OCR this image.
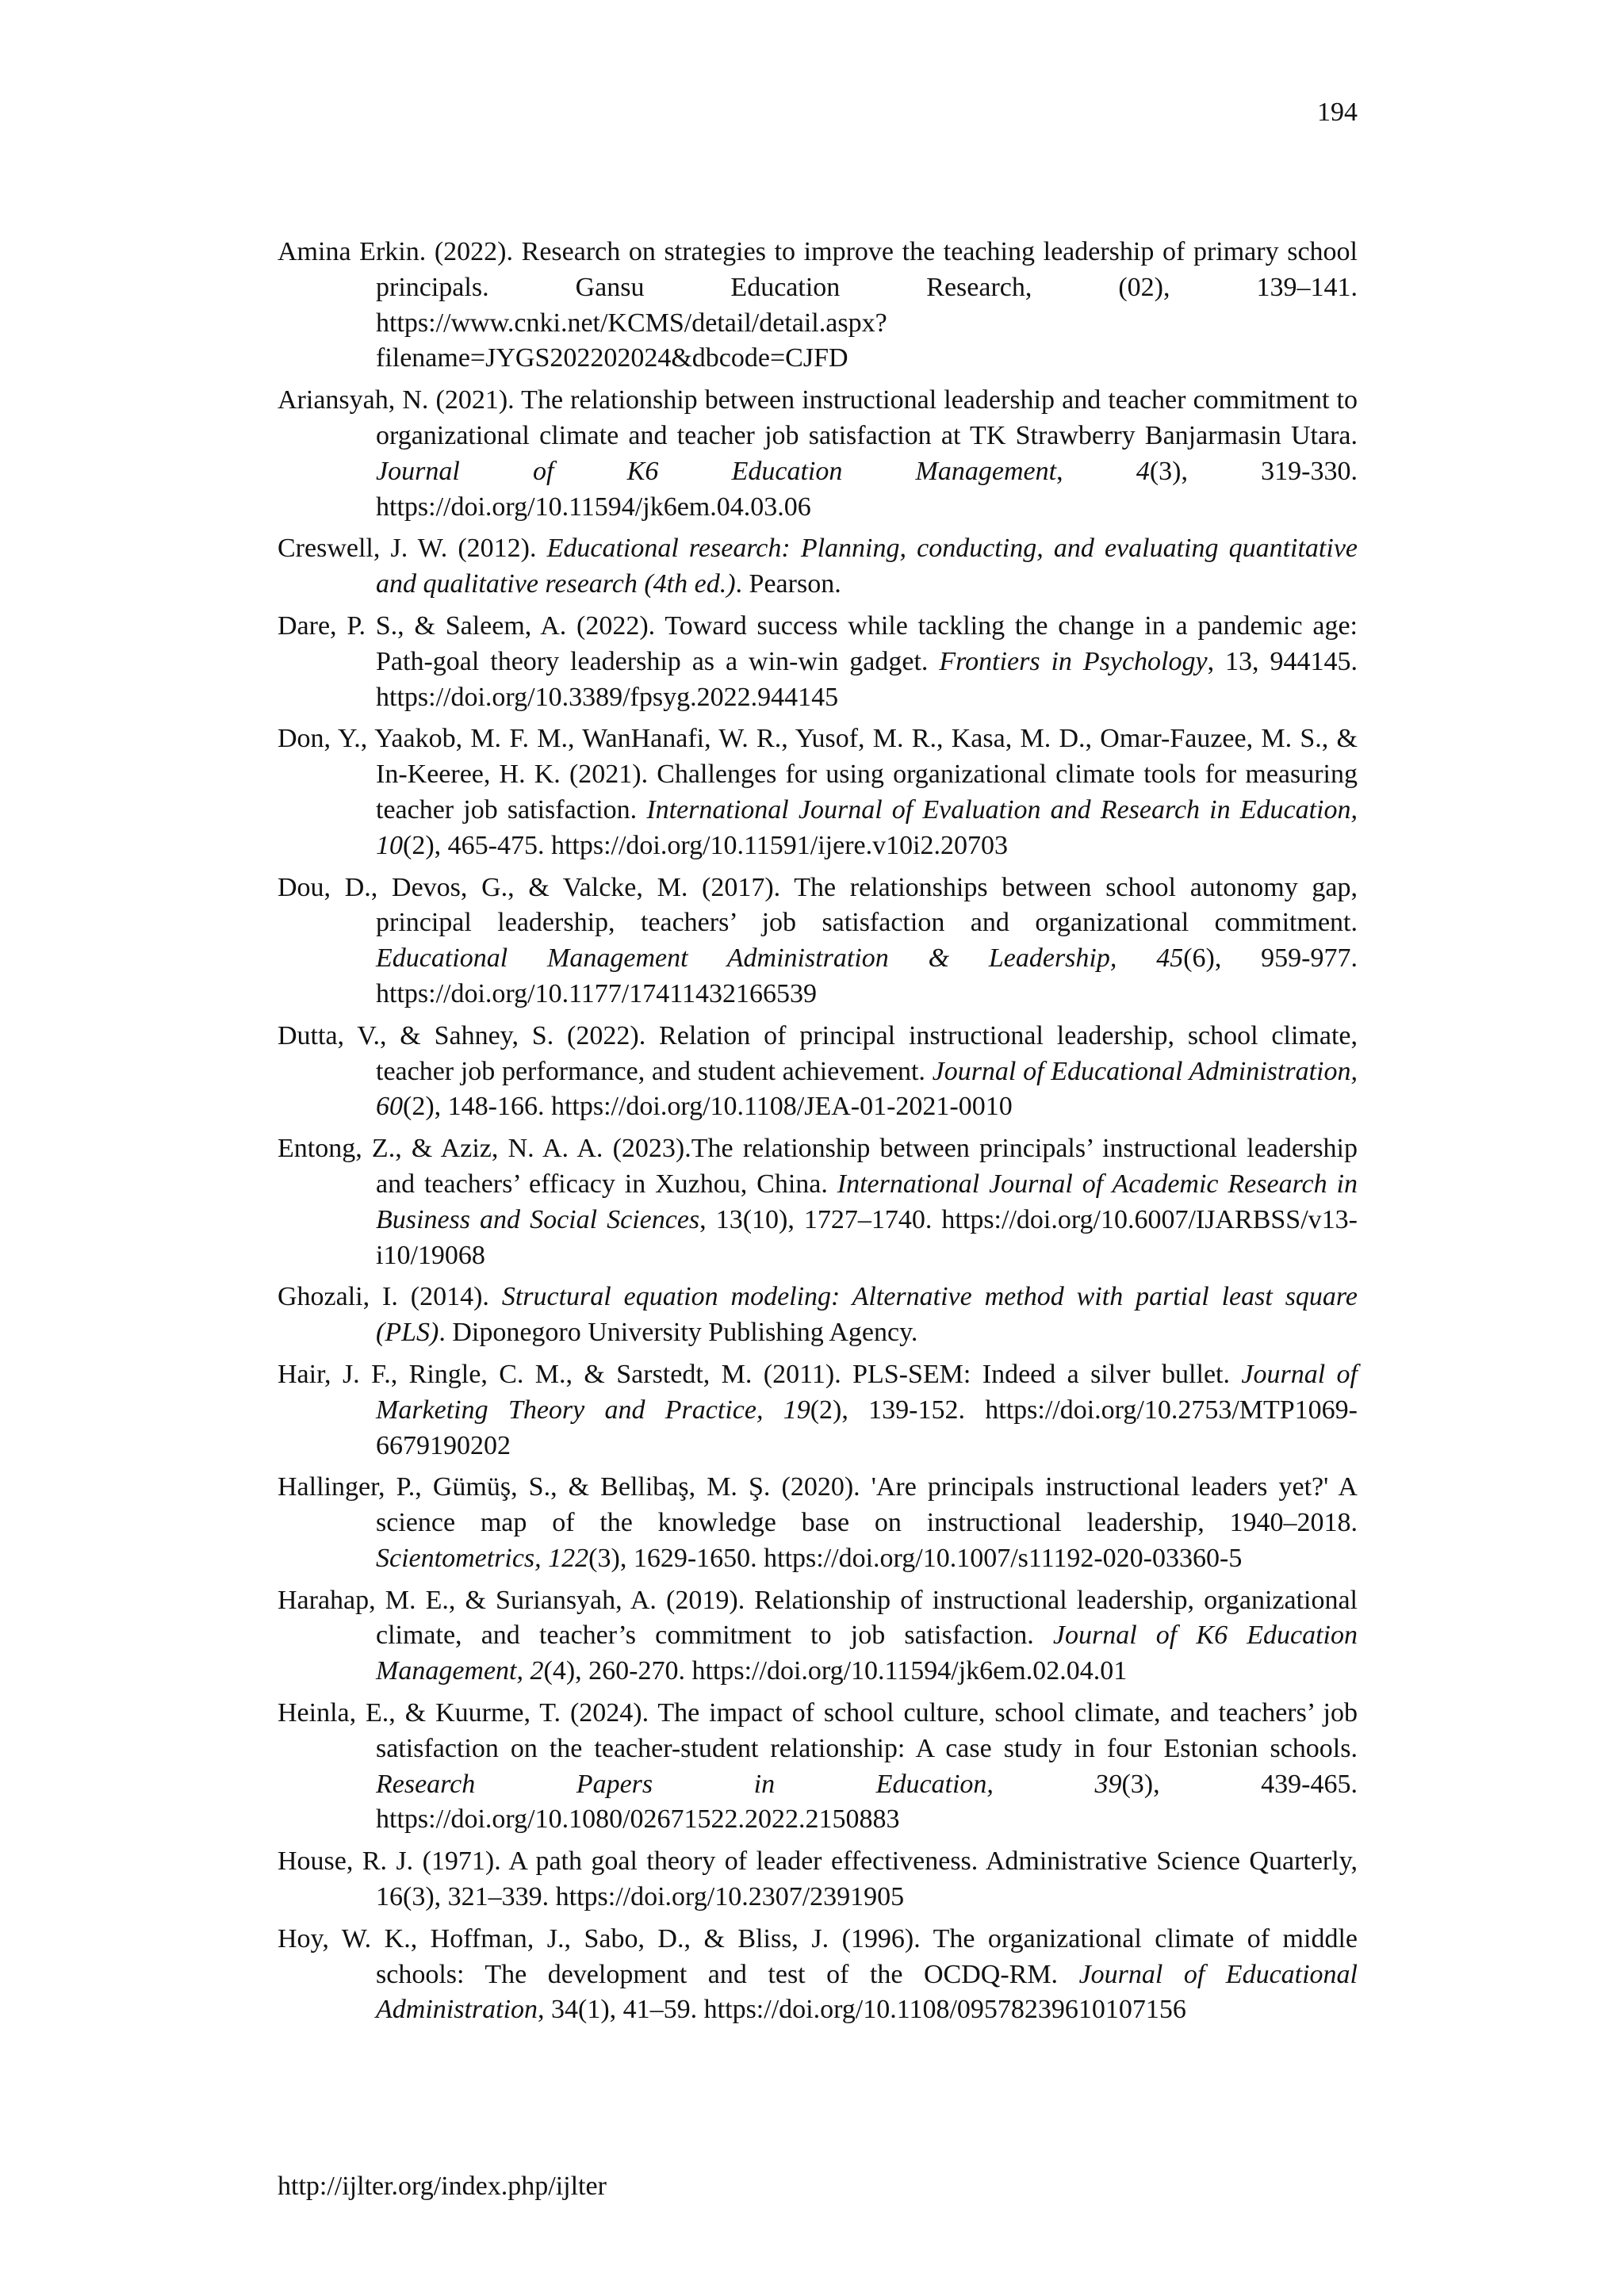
194

Amina Erkin. (2022). Research on strategies to improve the teaching leadership of primary school principals. Gansu Education Research, (02), 139–141. https://www.cnki.net/KCMS/detail/detail.aspx?filename=JYGS202202024&dbcode=CJFD

Ariansyah, N. (2021). The relationship between instructional leadership and teacher commitment to organizational climate and teacher job satisfaction at TK Strawberry Banjarmasin Utara. Journal of K6 Education Management, 4(3), 319-330. https://doi.org/10.11594/jk6em.04.03.06

Creswell, J. W. (2012). Educational research: Planning, conducting, and evaluating quantitative and qualitative research (4th ed.). Pearson.

Dare, P. S., & Saleem, A. (2022). Toward success while tackling the change in a pandemic age: Path-goal theory leadership as a win-win gadget. Frontiers in Psychology, 13, 944145. https://doi.org/10.3389/fpsyg.2022.944145

Don, Y., Yaakob, M. F. M., WanHanafi, W. R., Yusof, M. R., Kasa, M. D., Omar-Fauzee, M. S., & In-Keeree, H. K. (2021). Challenges for using organizational climate tools for measuring teacher job satisfaction. International Journal of Evaluation and Research in Education, 10(2), 465-475. https://doi.org/10.11591/ijere.v10i2.20703

Dou, D., Devos, G., & Valcke, M. (2017). The relationships between school autonomy gap, principal leadership, teachers’ job satisfaction and organizational commitment. Educational Management Administration & Leadership, 45(6), 959-977. https://doi.org/10.1177/17411432166539

Dutta, V., & Sahney, S. (2022). Relation of principal instructional leadership, school climate, teacher job performance, and student achievement. Journal of Educational Administration, 60(2), 148-166. https://doi.org/10.1108/JEA-01-2021-0010

Entong, Z., & Aziz, N. A. A. (2023).The relationship between principals’ instructional leadership and teachers’ efficacy in Xuzhou, China. International Journal of Academic Research in Business and Social Sciences, 13(10), 1727–1740. https://doi.org/10.6007/IJARBSS/v13-i10/19068

Ghozali, I. (2014). Structural equation modeling: Alternative method with partial least square (PLS). Diponegoro University Publishing Agency.

Hair, J. F., Ringle, C. M., & Sarstedt, M. (2011). PLS-SEM: Indeed a silver bullet. Journal of Marketing Theory and Practice, 19(2), 139-152. https://doi.org/10.2753/MTP1069-6679190202

Hallinger, P., Gümüş, S., & Bellibaş, M. Ş. (2020). 'Are principals instructional leaders yet?' A science map of the knowledge base on instructional leadership, 1940–2018. Scientometrics, 122(3), 1629-1650. https://doi.org/10.1007/s11192-020-03360-5

Harahap, M. E., & Suriansyah, A. (2019). Relationship of instructional leadership, organizational climate, and teacher’s commitment to job satisfaction. Journal of K6 Education Management, 2(4), 260-270. https://doi.org/10.11594/jk6em.02.04.01

Heinla, E., & Kuurme, T. (2024). The impact of school culture, school climate, and teachers’ job satisfaction on the teacher-student relationship: A case study in four Estonian schools. Research Papers in Education, 39(3), 439-465. https://doi.org/10.1080/02671522.2022.2150883

House, R. J. (1971). A path goal theory of leader effectiveness. Administrative Science Quarterly, 16(3), 321–339. https://doi.org/10.2307/2391905

Hoy, W. K., Hoffman, J., Sabo, D., & Bliss, J. (1996). The organizational climate of middle schools: The development and test of the OCDQ-RM. Journal of Educational Administration, 34(1), 41–59. https://doi.org/10.1108/09578239610107156

http://ijlter.org/index.php/ijlter
